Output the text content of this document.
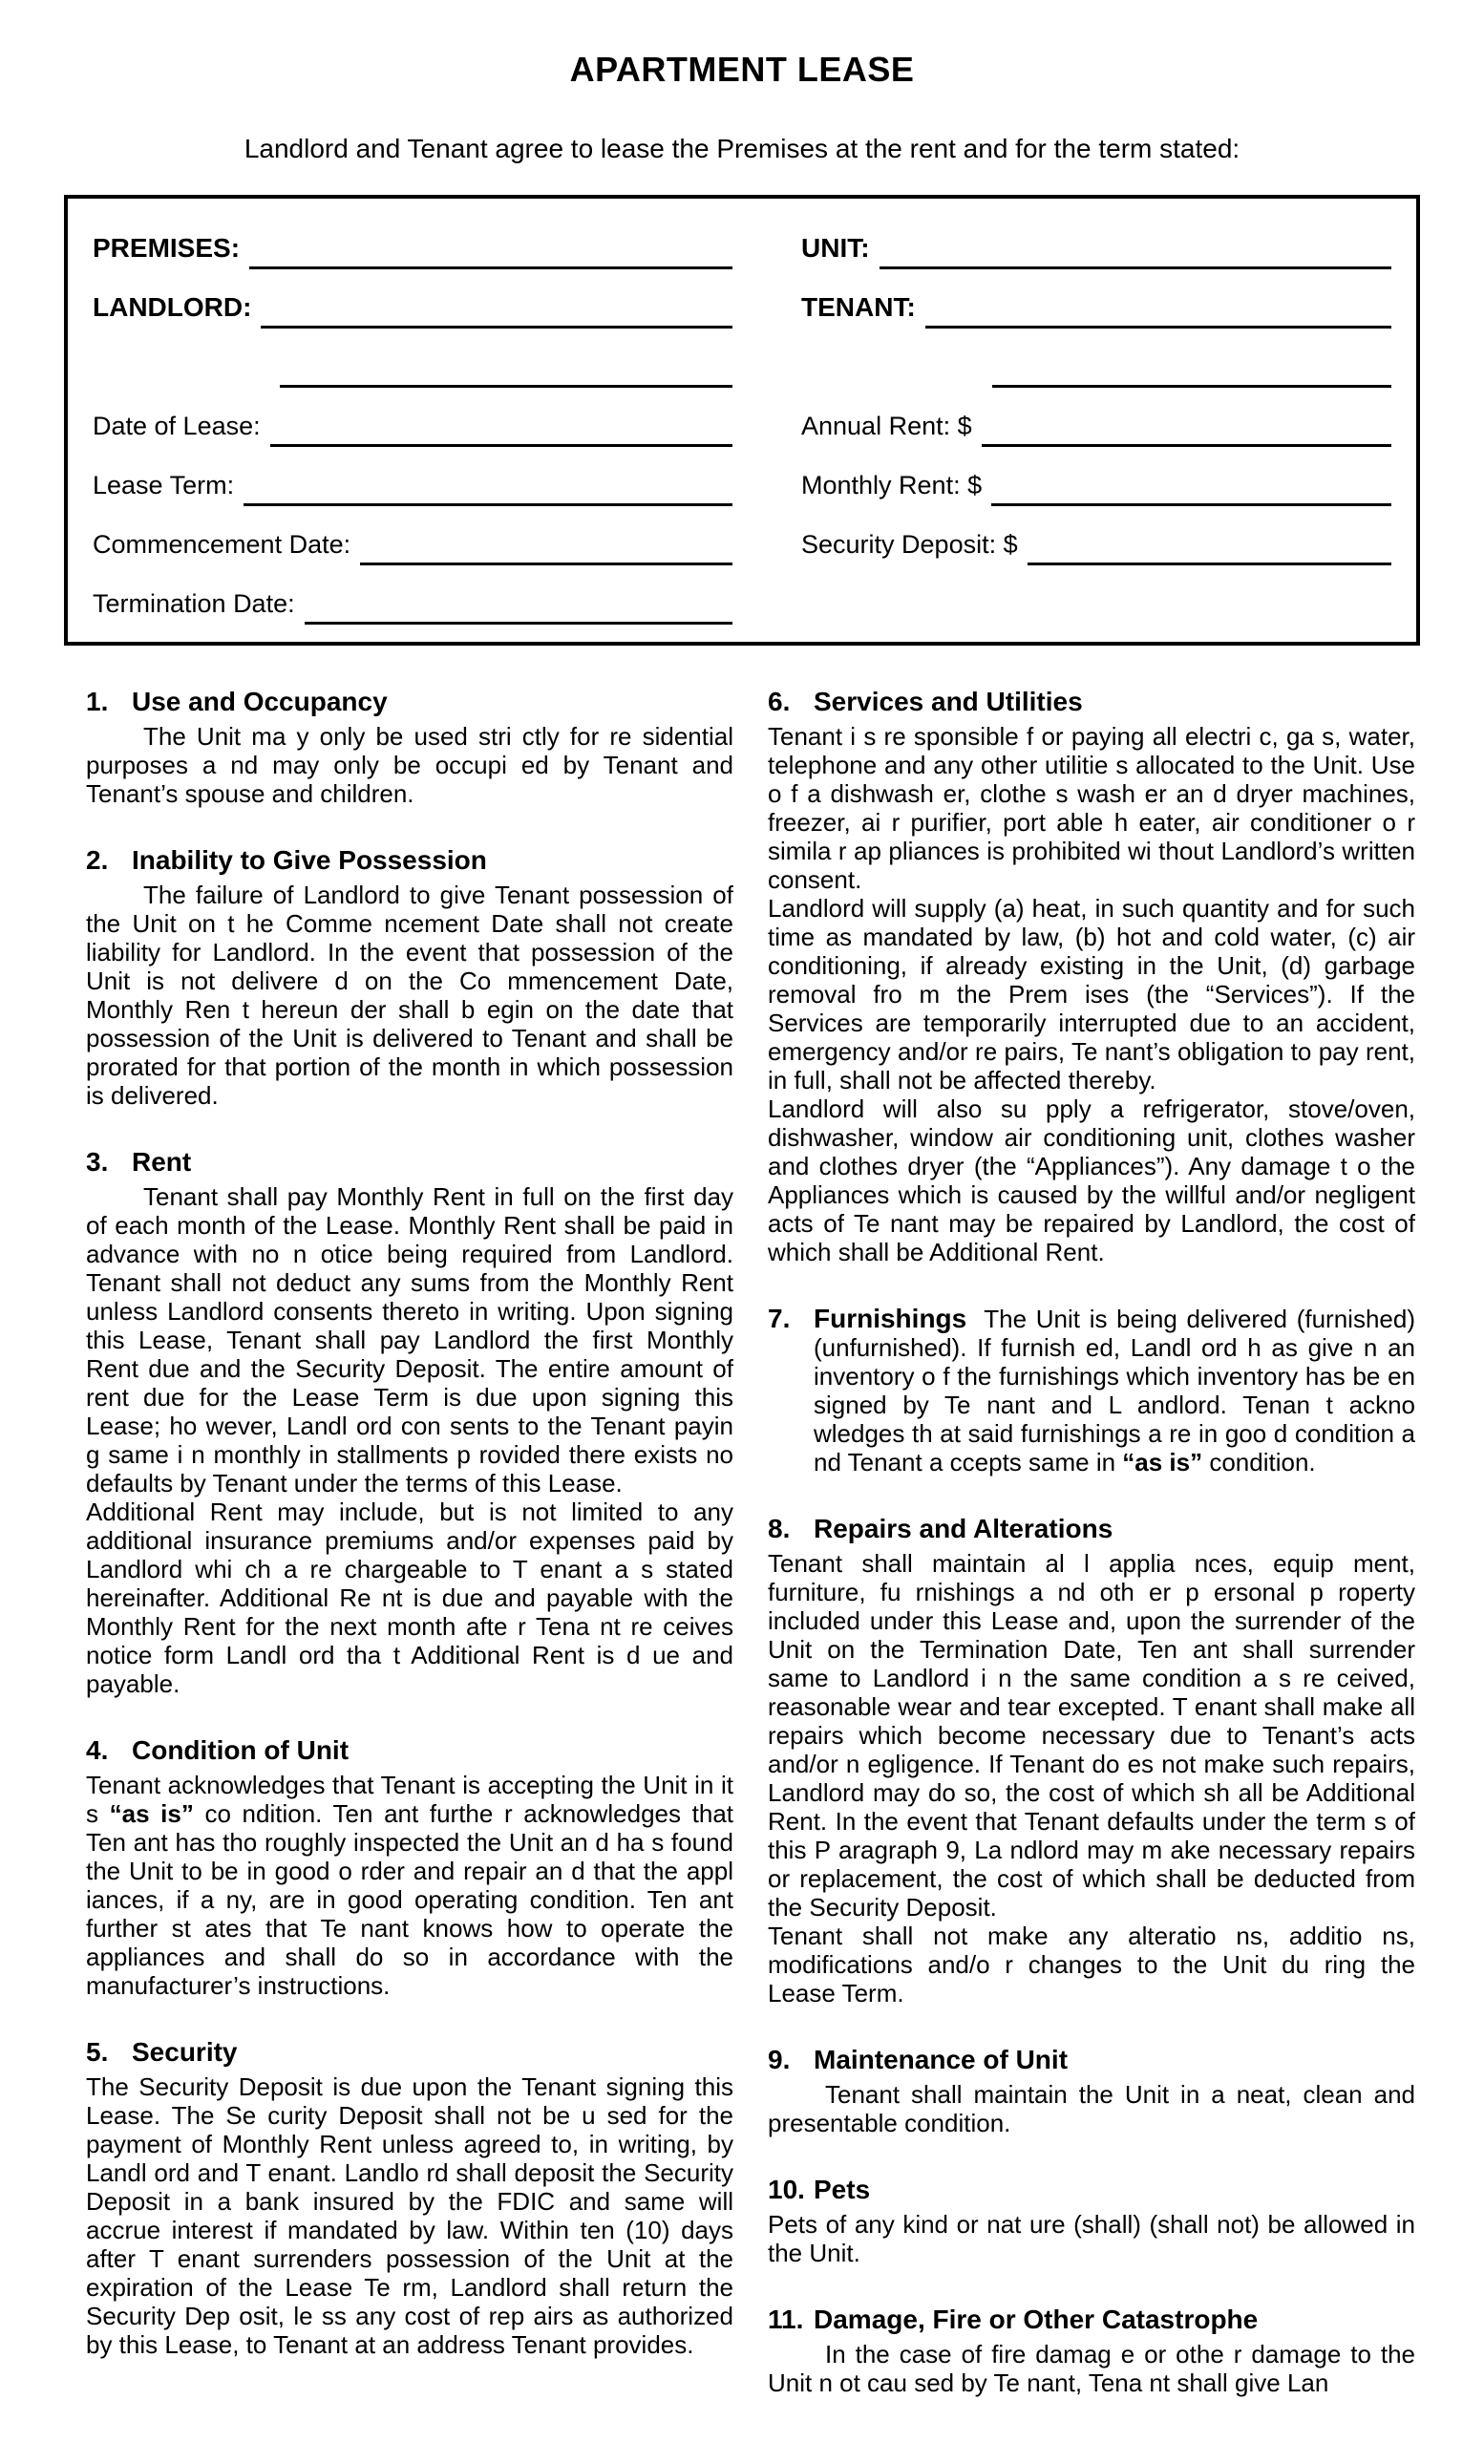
APARTMENT LEASE

Landlord and Tenant agree to lease the Premises at the rent and for the term stated:

PREMISES:	UNIT:
LANDLORD:	TENANT:
Date of Lease:	Annual Rent: $
Lease Term:	Monthly Rent: $
Commencement Date:	Security Deposit: $
Termination Date:
1. Use and Occupancy

The Unit ma y only be used stri ctly for re sidential purposes a nd may only be occupi ed by Tenant and Tenant’s spouse and children.

2. Inability to Give Possession

The failure of Landlord to give Tenant possession of the Unit on t he Comme ncement Date shall not create liability for Landlord. In the event that possession of the Unit is not delivere d on the Co mmencement Date, Monthly Ren t hereun der shall b egin on the date that possession of the Unit is delivered to Tenant and shall be prorated for that portion of the month in which possession is delivered.

3. Rent

Tenant shall pay Monthly Rent in full on the first day of each month of the Lease. Monthly Rent shall be paid in advance with no n otice being required from Landlord. Tenant shall not deduct any sums from the Monthly Rent unless Landlord consents thereto in writing. Upon signing this Lease, Tenant shall pay Landlord the first Monthly Rent due and the Security Deposit. The entire amount of rent due for the Lease Term is due upon signing this Lease; ho wever, Landl ord con sents to the Tenant payin g same i n monthly in stallments p rovided there exists no defaults by Tenant under the terms of this Lease.

Additional Rent may include, but is not limited to any additional insurance premiums and/or expenses paid by Landlord whi ch a re chargeable to T enant a s stated hereinafter. Additional Re nt is due and payable with the Monthly Rent for the next month afte r Tena nt re ceives notice form Landl ord tha t Additional Rent is d ue and payable.

4. Condition of Unit

Tenant acknowledges that Tenant is accepting the Unit in it s “as is” co ndition. Ten ant furthe r acknowledges that Ten ant has tho roughly inspected the Unit an d ha s found the Unit to be in good o rder and repair an d that the appl iances, if a ny, are in good operating condition. Ten ant further st ates that Te nant knows how to operate the appliances and shall do so in accordance with the manufacturer’s instructions.

5. Security

The Security Deposit is due upon the Tenant signing this Lease. The Se curity Deposit shall not be u sed for the payment of Monthly Rent unless agreed to, in writing, by Landl ord and T enant. Landlo rd shall deposit the Security Deposit in a bank insured by the FDIC and same will accrue interest if mandated by law. Within ten (10) days after T enant surrenders possession of the Unit at the expiration of the Lease Te rm, Landlord shall return the Security Dep osit, le ss any cost of rep airs as authorized by this Lease, to Tenant at an address Tenant provides.

6. Services and Utilities

Tenant i s re sponsible f or paying all electri c, ga s, water, telephone and any other utilitie s allocated to the Unit. Use o f a dishwash er, clothe s wash er an d dryer machines, freezer, ai r purifier, port able h eater, air conditioner o r simila r ap pliances is prohibited wi thout Landlord’s written consent.

Landlord will supply (a) heat, in such quantity and for such time as mandated by law, (b) hot and cold water, (c) air conditioning, if already existing in the Unit, (d) garbage removal fro m the Prem ises (the “Services”). If the Services are temporarily interrupted due to an accident, emergency and/or re pairs, Te nant’s obligation to pay rent, in full, shall not be affected thereby.

Landlord will also su pply a refrigerator, stove/oven, dishwasher, window air conditioning unit, clothes washer and clothes dryer (the “Appliances”). Any damage t o the Appliances which is caused by the willful and/or negligent acts of Te nant may be repaired by Landlord, the cost of which shall be Additional Rent.

7. Furnishings The Unit is being delivered (furnished) (unfurnished). If furnish ed, Landl ord h as give n an inventory o f the furnishings which inventory has be en signed by Te nant and L andlord. Tenan t ackno wledges th at said furnishings a re in goo d condition a nd Tenant a ccepts same in “as is” condition.

8. Repairs and Alterations

Tenant shall maintain al l applia nces, equip ment, furniture, fu rnishings a nd oth er p ersonal p roperty included under this Lease and, upon the surrender of the Unit on the Termination Date, Ten ant shall surrender same to Landlord i n the same condition a s re ceived, reasonable wear and tear excepted. T enant shall make all repairs which become necessary due to Tenant’s acts and/or n egligence. If Tenant do es not make such repairs, Landlord may do so, the cost of which sh all be Additional Rent. In the event that Tenant defaults under the term s of this P aragraph 9, La ndlord may m ake necessary repairs or replacement, the cost of which shall be deducted from the Security Deposit.

Tenant shall not make any alteratio ns, additio ns, modifications and/o r changes to the Unit du ring the Lease Term.

9. Maintenance of Unit

Tenant shall maintain the Unit in a neat, clean and presentable condition.

10. Pets

Pets of any kind or nat ure (shall) (shall not) be allowed in the Unit.

11. Damage, Fire or Other Catastrophe

In the case of fire damag e or othe r damage to the Unit n ot cau sed by Te nant, Tena nt shall give Lan
